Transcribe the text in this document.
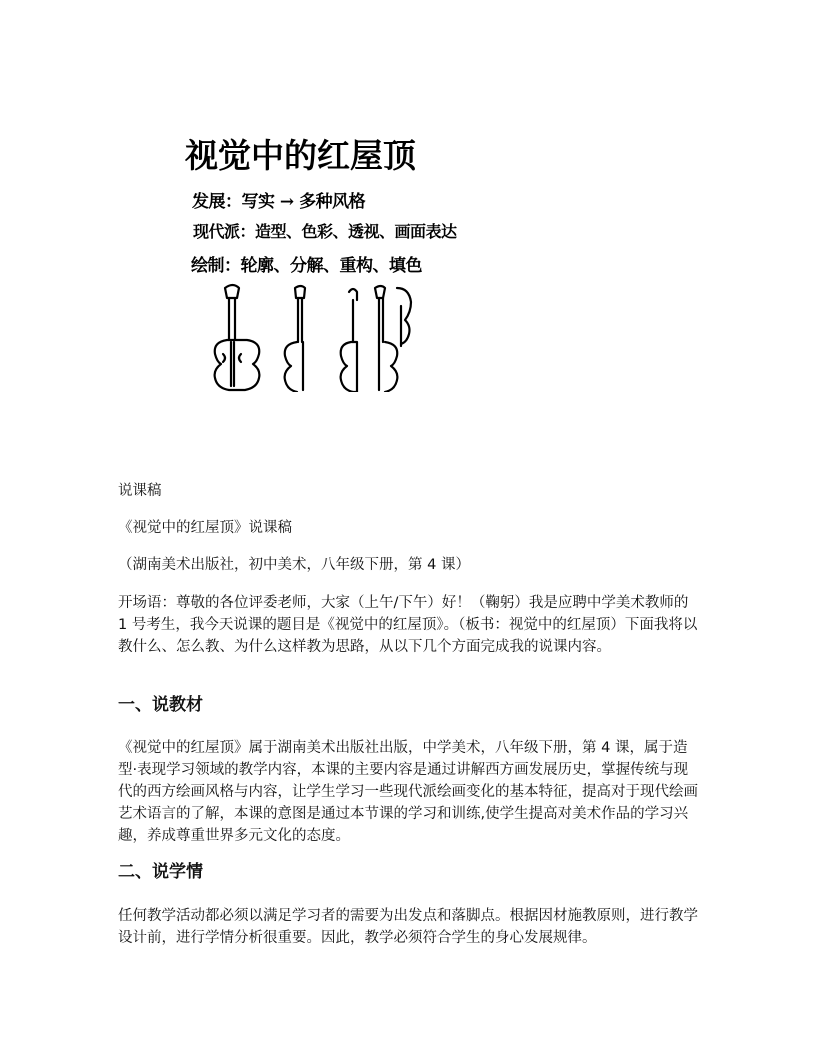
视觉中的红屋顶
发展：写实 → 多种风格
现代派：造型、色彩、透视、画面表达
绘制：轮廓、分解、重构、填色

说课稿

《视觉中的红屋顶》说课稿

（湖南美术出版社，初中美术，八年级下册，第 4 课）

开场语：尊敬的各位评委老师，大家（上午/下午）好！（鞠躬）我是应聘中学美术教师的 1 号考生，我今天说课的题目是《视觉中的红屋顶》。（板书：视觉中的红屋顶）下面我将以教什么、怎么教、为什么这样教为思路，从以下几个方面完成我的说课内容。

一、说教材

《视觉中的红屋顶》属于湖南美术出版社出版，中学美术，八年级下册，第 4 课，属于造型·表现学习领域的教学内容，本课的主要内容是通过讲解西方画发展历史，掌握传统与现代的西方绘画风格与内容，让学生学习一些现代派绘画变化的基本特征，提高对于现代绘画艺术语言的了解，本课的意图是通过本节课的学习和训练,使学生提高对美术作品的学习兴趣，养成尊重世界多元文化的态度。

二、说学情

任何教学活动都必须以满足学习者的需要为出发点和落脚点。根据因材施教原则，进行教学设计前，进行学情分析很重要。因此，教学必须符合学生的身心发展规律。
